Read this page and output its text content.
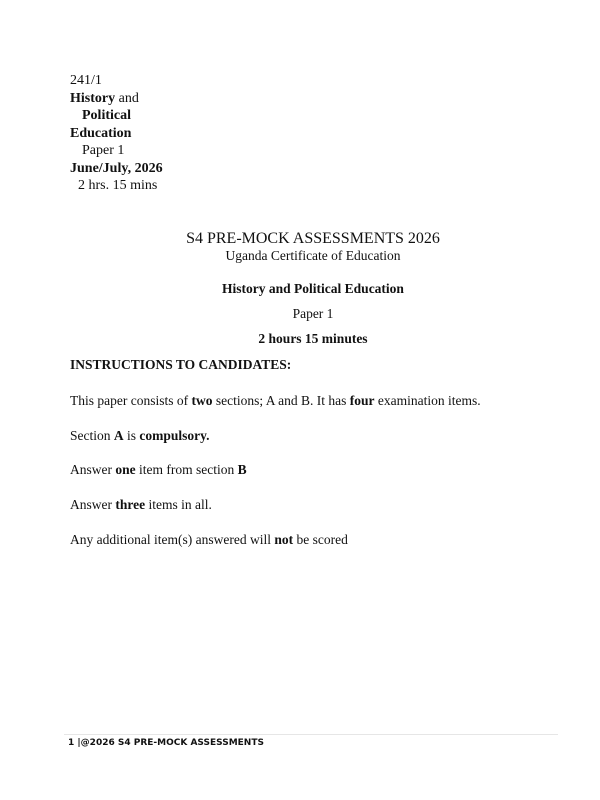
241/1
History and
Political
Education
Paper 1
June/July, 2026
2 hrs. 15 mins
S4 PRE-MOCK ASSESSMENTS 2026
Uganda Certificate of Education
History and Political Education
Paper 1
2 hours 15 minutes
INSTRUCTIONS TO CANDIDATES:
This paper consists of two sections; A and B. It has four examination items.
Section A is compulsory.
Answer one item from section B
Answer three items in all.
Any additional item(s) answered will not be scored
1 |@2026 S4 PRE-MOCK ASSESSMENTS
